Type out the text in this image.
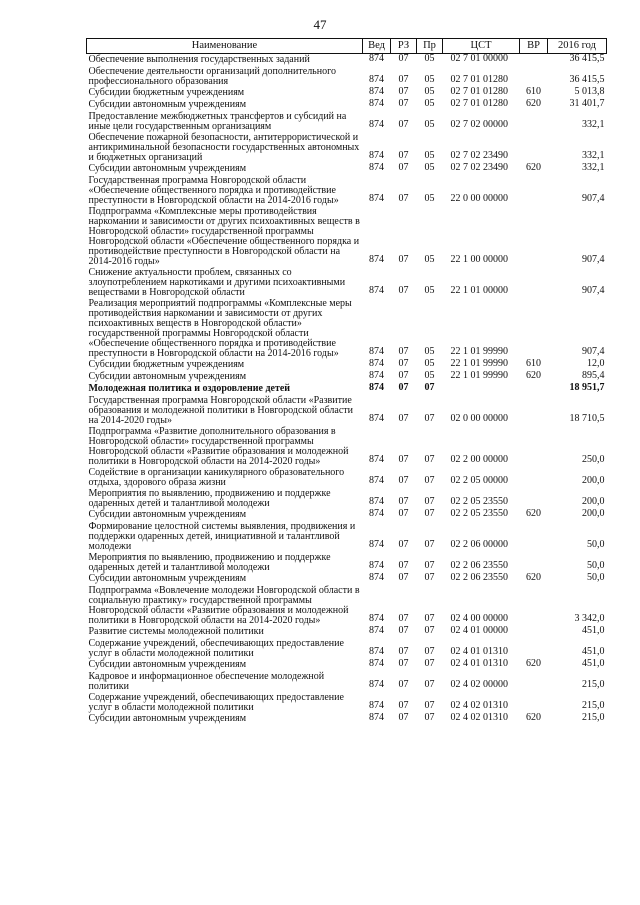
47
Наименование	Вед	РЗ	Пр	ЦСТ	ВР	2016 год
Обеспечение выполнения государственных заданий	874	07	05	02 7 01 00000		36 415,5
Обеспечение деятельности организаций дополнительного профессионального образования	874	07	05	02 7 01 01280		36 415,5
Субсидии бюджетным учреждениям	874	07	05	02 7 01 01280	610	5 013,8
Субсидии автономным учреждениям	874	07	05	02 7 01 01280	620	31 401,7
Предоставление межбюджетных трансфертов и субсидий на иные цели государственным организациям	874	07	05	02 7 02 00000		332,1
Обеспечение пожарной безопасности, антитеррористической и антикриминальной безопасности государственных автономных и бюджетных организаций	874	07	05	02 7 02 23490		332,1
Субсидии автономным учреждениям	874	07	05	02 7 02 23490	620	332,1
Государственная программа Новгородской области «Обеспечение общественного порядка и противодействие преступности в Новгородской области на 2014-2016 годы»	874	07	05	22 0 00 00000		907,4
Подпрограмма «Комплексные меры противодействия наркомании и зависимости от других психоактивных веществ в Новгородской области» государственной программы Новгородской области «Обеспечение общественного порядка и противодействие преступности в Новгородской области на 2014-2016 годы»	874	07	05	22 1 00 00000		907,4
Снижение актуальности проблем, связанных со злоупотреблением наркотиками и другими психоактивными веществами в Новгородской области	874	07	05	22 1 01 00000		907,4
Реализация мероприятий подпрограммы «Комплексные меры противодействия наркомании и зависимости от других психоактивных веществ в Новгородской области» государственной программы Новгородской области «Обеспечение общественного порядка и противодействие преступности в Новгородской области на 2014-2016 годы»	874	07	05	22 1 01 99990		907,4
Субсидии бюджетным учреждениям	874	07	05	22 1 01 99990	610	12,0
Субсидии автономным учреждениям	874	07	05	22 1 01 99990	620	895,4
Молодежная политика и оздоровление детей	874	07	07			18 951,7
Государственная программа Новгородской области «Развитие образования и молодежной политики в Новгородской области на 2014-2020 годы»	874	07	07	02 0 00 00000		18 710,5
Подпрограмма «Развитие дополнительного образования в Новгородской области» государственной программы Новгородской области «Развитие образования и молодежной политики в Новгородской области на 2014-2020 годы»	874	07	07	02 2 00 00000		250,0
Содействие в организации каникулярного образовательного отдыха, здорового образа жизни	874	07	07	02 2 05 00000		200,0
Мероприятия по выявлению, продвижению и поддержке одаренных детей и талантливой молодежи	874	07	07	02 2 05 23550		200,0
Субсидии автономным учреждениям	874	07	07	02 2 05 23550	620	200,0
Формирование целостной системы выявления, продвижения и поддержки одаренных детей, инициативной и талантливой молодежи	874	07	07	02 2 06 00000		50,0
Мероприятия по выявлению, продвижению и поддержке одаренных детей и талантливой молодежи	874	07	07	02 2 06 23550		50,0
Субсидии автономным учреждениям	874	07	07	02 2 06 23550	620	50,0
Подпрограмма «Вовлечение молодежи Новгородской области в социальную практику» государственной программы Новгородской области «Развитие образования и молодежной политики в Новгородской области на 2014-2020 годы»	874	07	07	02 4 00 00000		3 342,0
Развитие системы молодежной политики	874	07	07	02 4 01 00000		451,0
Содержание учреждений, обеспечивающих предоставление услуг в области молодежной политики	874	07	07	02 4 01 01310		451,0
Субсидии автономным учреждениям	874	07	07	02 4 01 01310	620	451,0
Кадровое и информационное обеспечение молодежной политики	874	07	07	02 4 02 00000		215,0
Содержание учреждений, обеспечивающих предоставление услуг в области молодежной политики	874	07	07	02 4 02 01310		215,0
Субсидии автономным учреждениям	874	07	07	02 4 02 01310	620	215,0
